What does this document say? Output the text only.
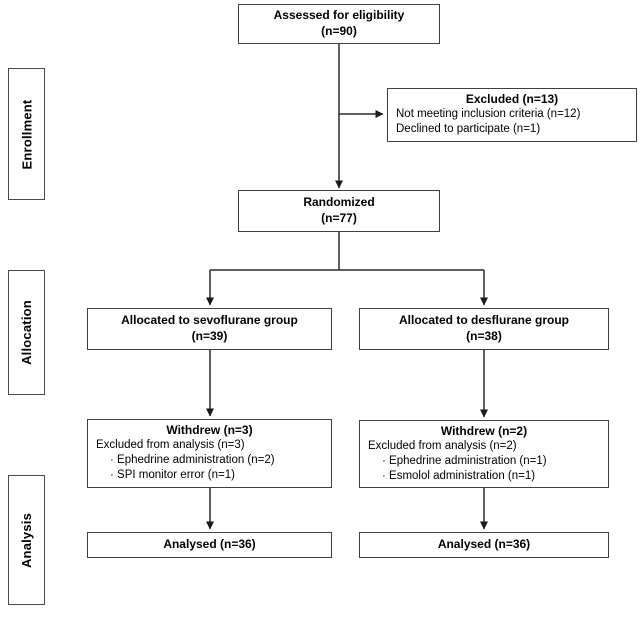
Enrollment
Allocation
Analysis
Assessed for eligibility
(n=90)
Excluded (n=13)
Not meeting inclusion criteria (n=12)
Declined to participate (n=1)
Randomized
(n=77)
Allocated to sevoflurane group
(n=39)
Allocated to desflurane group
(n=38)
Withdrew (n=3)
Excluded from analysis (n=3)
· Ephedrine administration (n=2)
· SPI monitor error (n=1)
Withdrew (n=2)
Excluded from analysis (n=2)
· Ephedrine administration (n=1)
· Esmolol administration (n=1)
Analysed (n=36)	Analysed (n=36)
